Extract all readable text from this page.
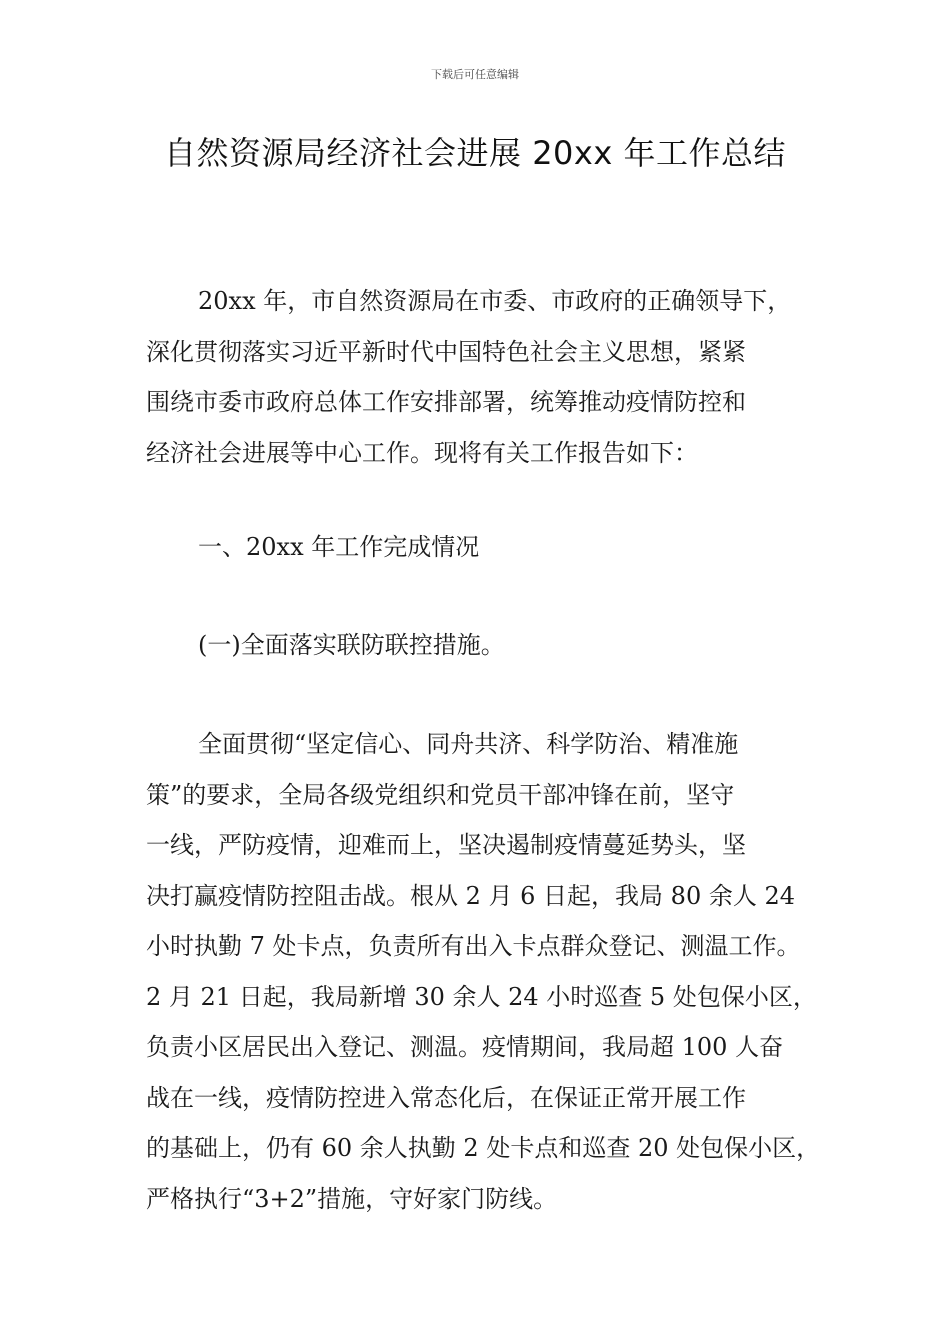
下载后可任意编辑
自然资源局经济社会进展 20xx 年工作总结
20xx 年，市自然资源局在市委、市政府的正确领导下，
深化贯彻落实习近平新时代中国特色社会主义思想，紧紧
围绕市委市政府总体工作安排部署，统筹推动疫情防控和
经济社会进展等中心工作。现将有关工作报告如下：
一、20xx 年工作完成情况
(一)全面落实联防联控措施。
全面贯彻“坚定信心、同舟共济、科学防治、精准施
策”的要求，全局各级党组织和党员干部冲锋在前，坚守
一线，严防疫情，迎难而上，坚决遏制疫情蔓延势头，坚
决打赢疫情防控阻击战。根从 2 月 6 日起，我局 80 余人 24
小时执勤 7 处卡点，负责所有出入卡点群众登记、测温工作。
2 月 21 日起，我局新增 30 余人 24 小时巡查 5 处包保小区，
负责小区居民出入登记、测温。疫情期间，我局超 100 人奋
战在一线，疫情防控进入常态化后，在保证正常开展工作
的基础上，仍有 60 余人执勤 2 处卡点和巡查 20 处包保小区，
严格执行“3+2”措施，守好家门防线。
